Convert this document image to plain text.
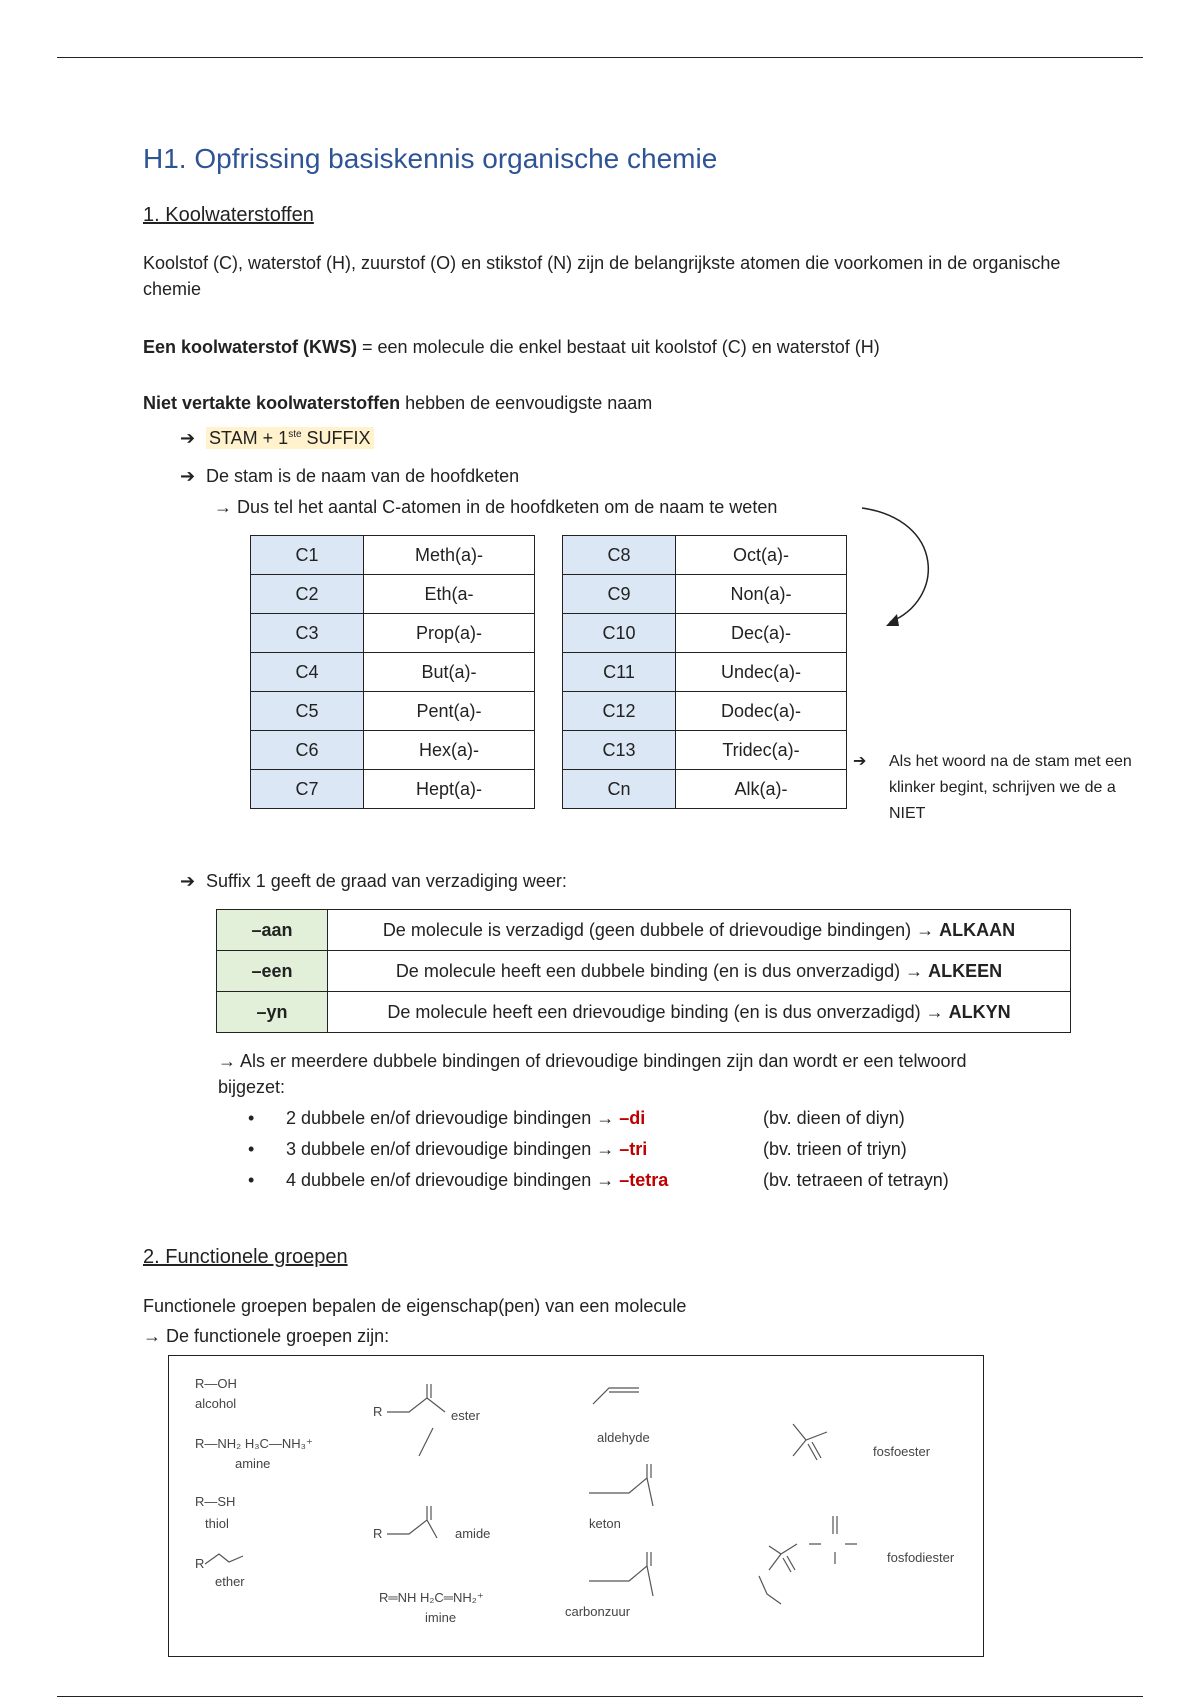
H1. Opfrissing basiskennis organische chemie
1. Koolwaterstoffen
Koolstof (C), waterstof (H), zuurstof (O) en stikstof (N) zijn de belangrijkste atomen die voorkomen in de organische chemie
Een koolwaterstof (KWS) = een molecule die enkel bestaat uit koolstof (C) en waterstof (H)
Niet vertakte koolwaterstoffen hebben de eenvoudigste naam
➔ STAM + 1ste SUFFIX
➔ De stam is de naam van de hoofdketen
→ Dus tel het aantal C-atomen in de hoofdketen om de naam te weten
C1	Meth(a)-
C2	Eth(a-
C3	Prop(a)-
C4	But(a)-
C5	Pent(a)-
C6	Hex(a)-
C7	Hept(a)-
C8	Oct(a)-
C9	Non(a)-
C10	Dec(a)-
C11	Undec(a)-
C12	Dodec(a)-
C13	Tridec(a)-
Cn	Alk(a)-
➔ Als het woord na de stam met een klinker begint, schrijven we de a NIET
➔ Suffix 1 geeft de graad van verzadiging weer:
–aan	De molecule is verzadigd (geen dubbele of drievoudige bindingen) → ALKAAN
–een	De molecule heeft een dubbele binding (en is dus onverzadigd) → ALKEEN
–yn	De molecule heeft een drievoudige binding (en is dus onverzadigd) → ALKYN
→ Als er meerdere dubbele bindingen of drievoudige bindingen zijn dan wordt er een telwoord bijgezet:
• 2 dubbele en/of drievoudige bindingen → –di	(bv. dieen of diyn)
• 3 dubbele en/of drievoudige bindingen → –tri	(bv. trieen of triyn)
• 4 dubbele en/of drievoudige bindingen → –tetra	(bv. tetraeen of tetrayn)
2. Functionele groepen
Functionele groepen bepalen de eigenschap(pen) van een molecule
→ De functionele groepen zijn:
R—OH
alcohol
R—NH₂ H₃C—NH₃⁺
amine
R—SH
thiol
R
ether
R	ester
R	amide
R═NH H₂C═NH₂⁺
imine
aldehyde
keton
carbonzuur
fosfoester
fosfodiester
